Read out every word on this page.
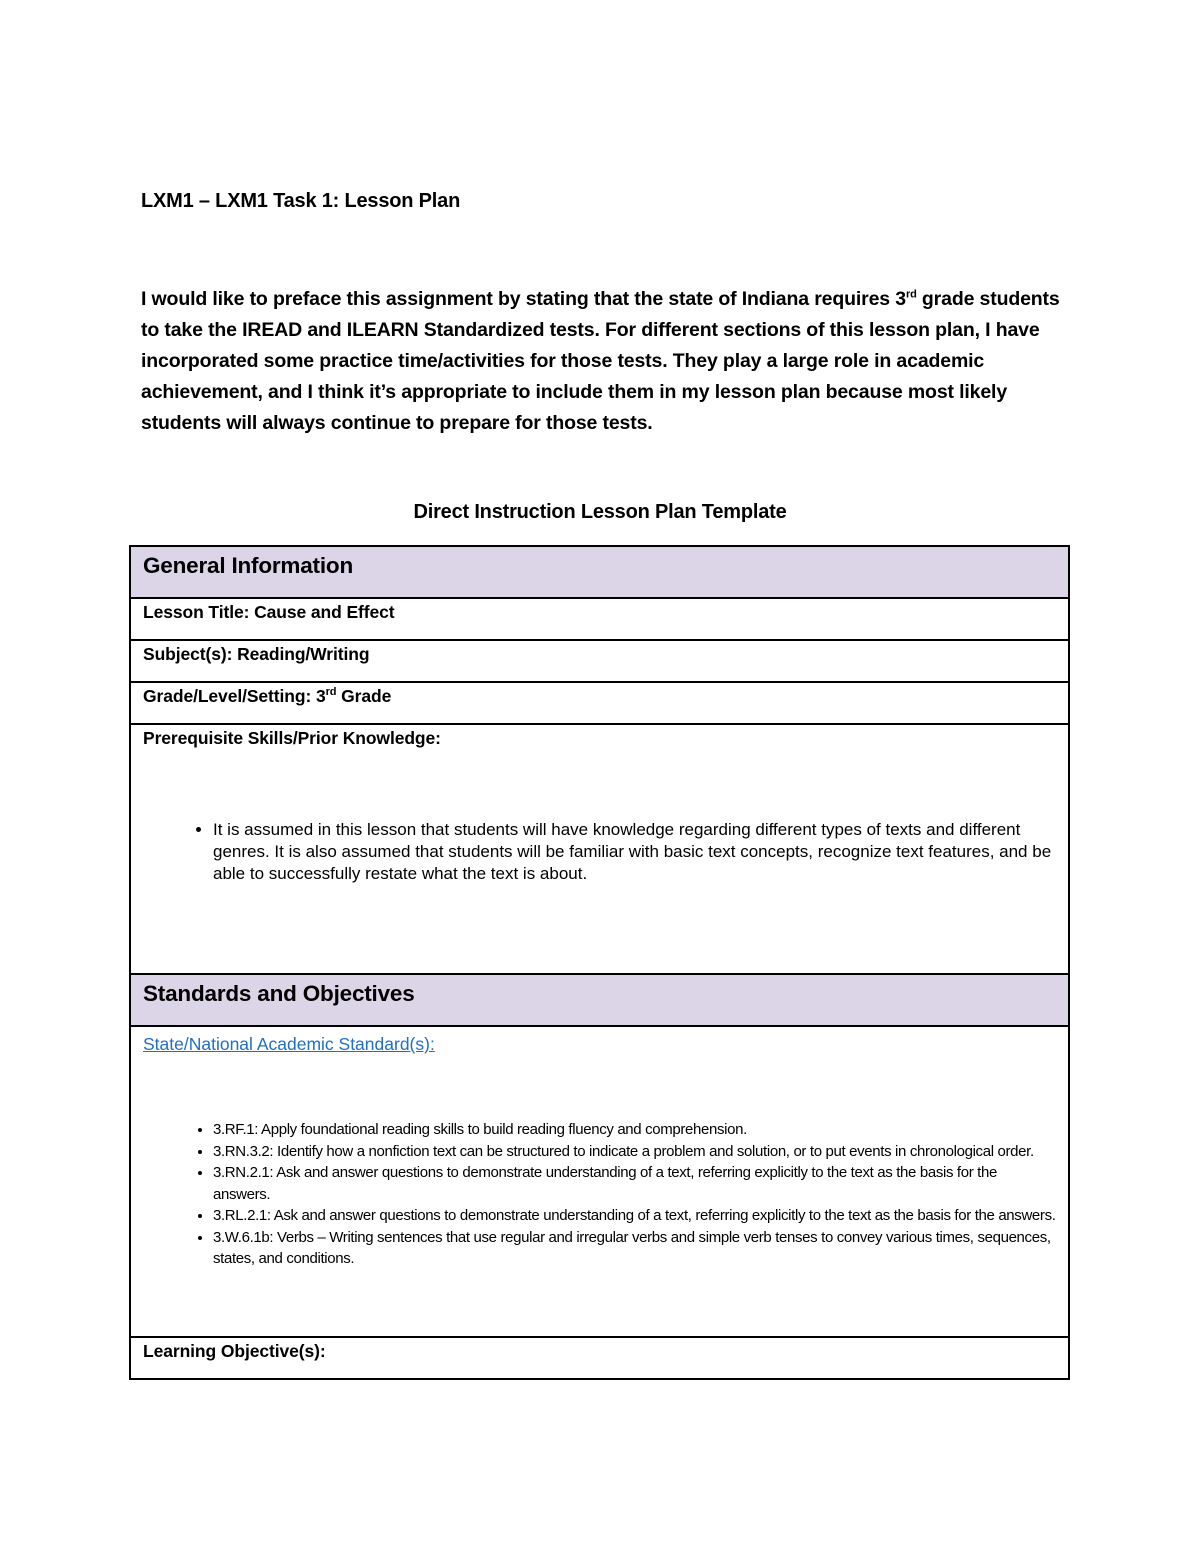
LXM1 – LXM1 Task 1: Lesson Plan

I would like to preface this assignment by stating that the state of Indiana requires 3rd grade students to take the IREAD and ILEARN Standardized tests. For different sections of this lesson plan, I have incorporated some practice time/activities for those tests. They play a large role in academic achievement, and I think it’s appropriate to include them in my lesson plan because most likely students will always continue to prepare for those tests.

Direct Instruction Lesson Plan Template
General Information

Lesson Title: Cause and Effect

Subject(s): Reading/Writing

Grade/Level/Setting: 3rd Grade

Prerequisite Skills/Prior Knowledge:

• It is assumed in this lesson that students will have knowledge regarding different types of texts and different genres. It is also assumed that students will be familiar with basic text concepts, recognize text features, and be able to successfully restate what the text is about.

Standards and Objectives

State/National Academic Standard(s):
• 3.RF.1: Apply foundational reading skills to build reading fluency and comprehension.
• 3.RN.3.2: Identify how a nonfiction text can be structured to indicate a problem and solution, or to put events in chronological order.
• 3.RN.2.1: Ask and answer questions to demonstrate understanding of a text, referring explicitly to the text as the basis for the answers.
• 3.RL.2.1: Ask and answer questions to demonstrate understanding of a text, referring explicitly to the text as the basis for the answers.
• 3.W.6.1b: Verbs – Writing sentences that use regular and irregular verbs and simple verb tenses to convey various times, sequences, states, and conditions.

Learning Objective(s):
